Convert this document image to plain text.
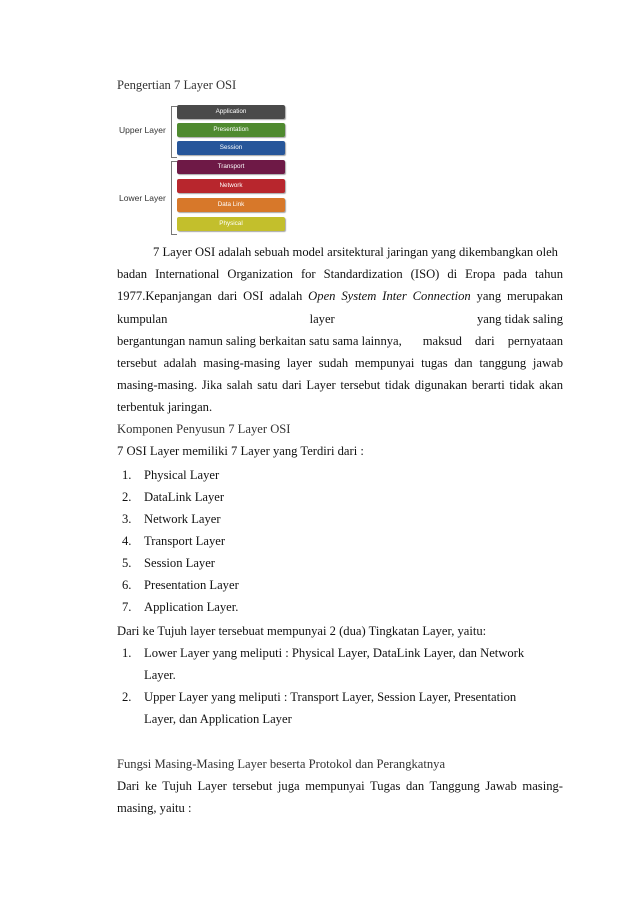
Pengertian 7 Layer OSI
Upper Layer
Lower Layer
Application
Presentation
Session
Transport
Network
Data Link
Physical
7 Layer OSI adalah sebuah model arsitektural jaringan yang dikembangkan oleh
badan International Organization for Standardization (ISO) di Eropa pada tahun
1977.Kepanjangan dari OSI adalah Open System Inter Connection yang merupakan
kumpulan	layer	yang tidak saling
bergantungan namun saling berkaitan satu sama lainnya, maksud dari pernyataan
tersebut adalah masing-masing layer sudah mempunyai tugas dan tanggung jawab
masing-masing. Jika salah satu dari Layer tersebut tidak digunakan berarti tidak akan
terbentuk jaringan.
Komponen Penyusun 7 Layer OSI
7 OSI Layer memiliki 7 Layer yang Terdiri dari :
1. Physical Layer
2. DataLink Layer
3. Network Layer
4. Transport Layer
5. Session Layer
6. Presentation Layer
7. Application Layer.
Dari ke Tujuh layer tersebuat mempunyai 2 (dua) Tingkatan Layer, yaitu:
1. Lower Layer yang meliputi : Physical Layer, DataLink Layer, dan Network
Layer.
2. Upper Layer yang meliputi : Transport Layer, Session Layer, Presentation
Layer, dan Application Layer
Fungsi Masing-Masing Layer beserta Protokol dan Perangkatnya
Dari ke Tujuh Layer tersebut juga mempunyai Tugas dan Tanggung Jawab masing-
masing, yaitu :
